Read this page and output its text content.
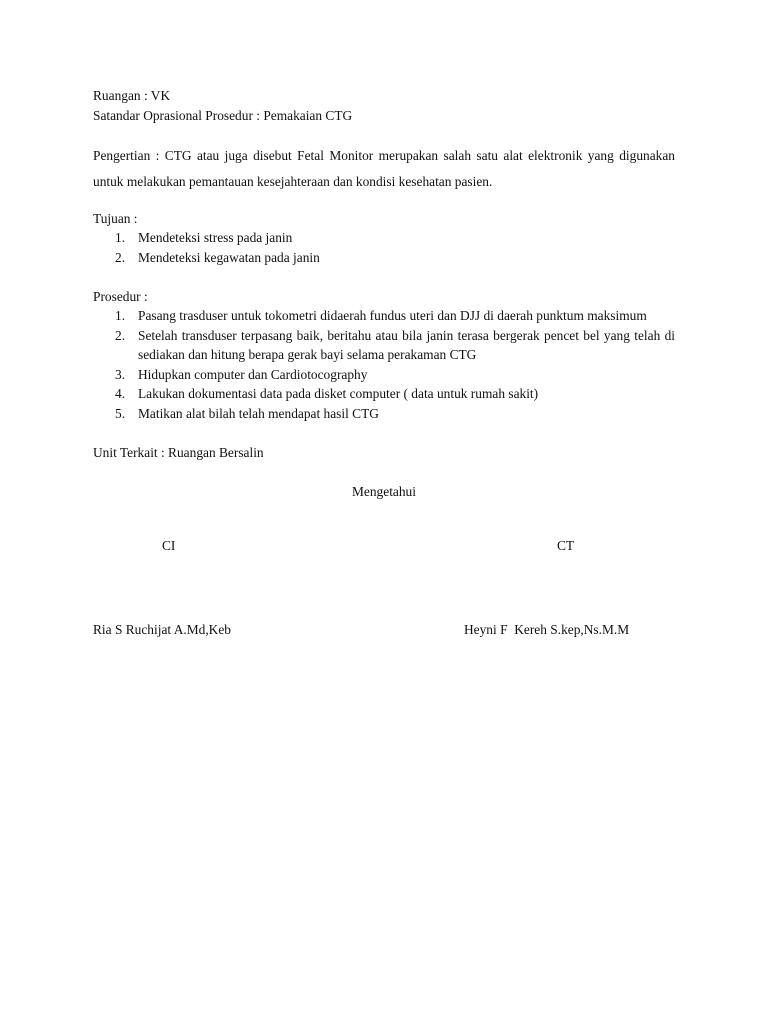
Ruangan : VK
Satandar Oprasional Prosedur : Pemakaian CTG
Pengertian : CTG atau juga disebut Fetal Monitor merupakan salah satu alat elektronik yang digunakan untuk melakukan pemantauan kesejahteraan dan kondisi kesehatan pasien.
Tujuan :
1. Mendeteksi stress pada janin
2. Mendeteksi kegawatan pada janin
Prosedur :
1. Pasang trasduser untuk tokometri didaerah fundus uteri dan DJJ di daerah punktum maksimum
2. Setelah transduser terpasang baik, beritahu atau bila janin terasa bergerak pencet bel yang telah di sediakan dan hitung berapa gerak bayi selama perakaman CTG
3. Hidupkan computer dan Cardiotocography
4. Lakukan dokumentasi data pada disket computer ( data untuk rumah sakit)
5. Matikan alat bilah telah mendapat hasil CTG
Unit Terkait : Ruangan Bersalin
Mengetahui
CI	CT
Ria S Ruchijat A.Md,Keb	Heyni F  Kereh S.kep,Ns.M.M
